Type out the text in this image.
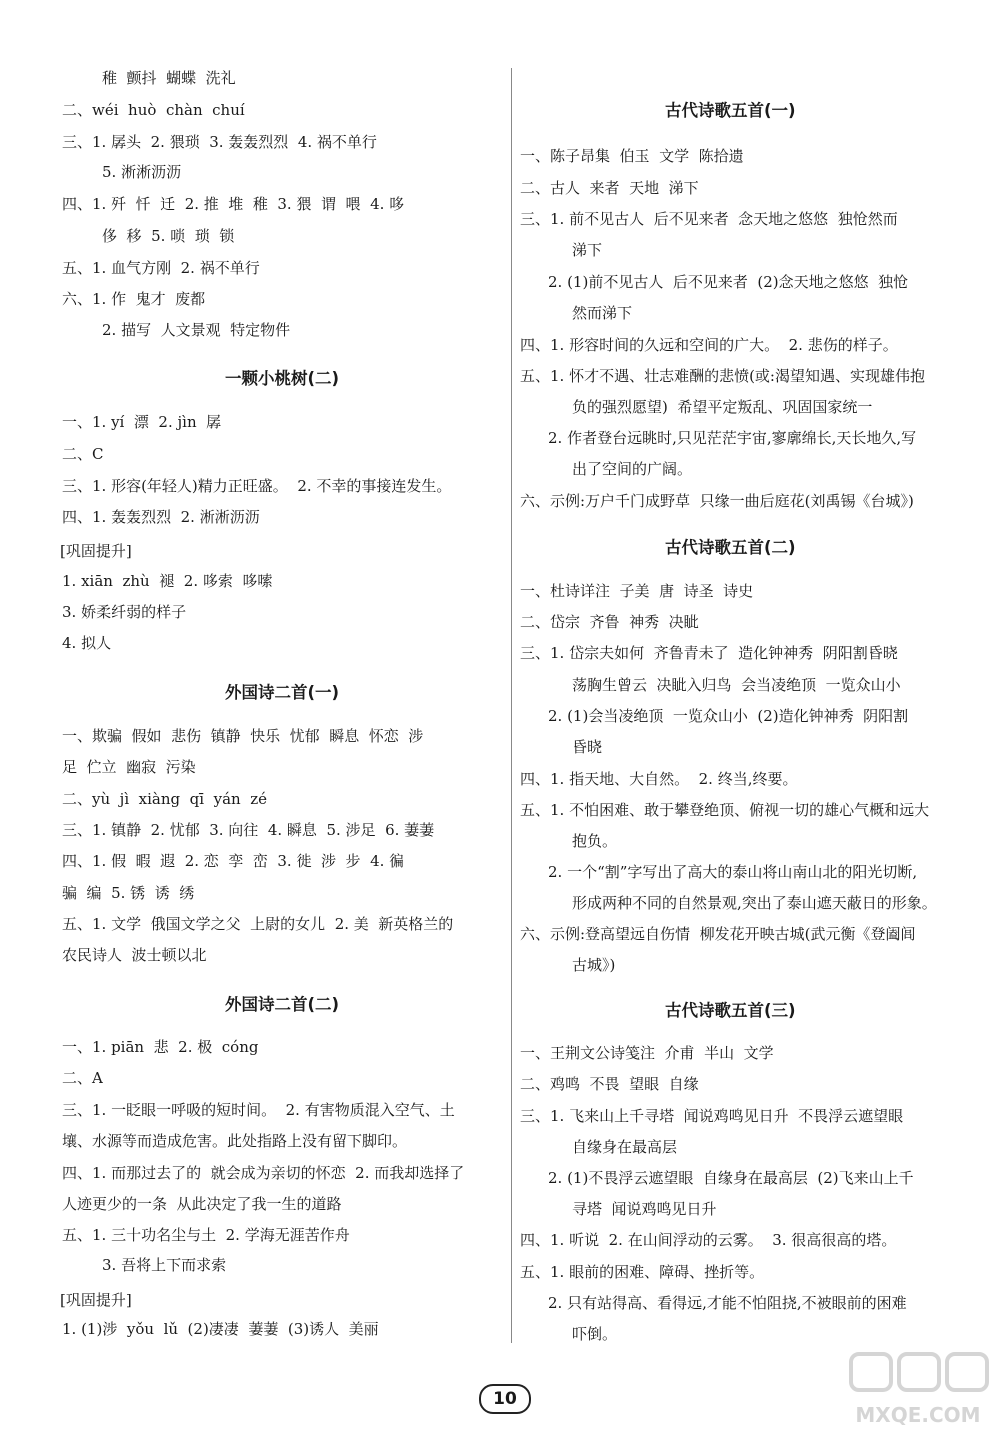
稚  颤抖  蝴蝶  洗礼
二、wéi  huò  chàn  chuí
三、1. 孱头  2. 猥琐  3. 轰轰烈烈  4. 祸不单行
5. 淅淅沥沥
四、1. 歼  忏  迁  2. 推  堆  稚  3. 猥  谓  喂  4. 哆
侈  移  5. 唢  琐  锁
五、1. 血气方刚  2. 祸不单行
六、1. 作  鬼才  废都
2. 描写  人文景观  特定物件
一颗小桃树(二)
一、1. yí  漂  2. jìn  孱
二、C
三、1. 形容(年轻人)精力正旺盛。  2. 不幸的事接连发生。
四、1. 轰轰烈烈  2. 淅淅沥沥
[巩固提升]
1. xiān  zhù  褪  2. 哆索  哆嗦
3. 娇柔纤弱的样子
4. 拟人
外国诗二首(一)
一、欺骗  假如  悲伤  镇静  快乐  忧郁  瞬息  怀恋  涉
足  伫立  幽寂  污染
二、yù  jì  xiàng  qī  yán  zé
三、1. 镇静  2. 忧郁  3. 向往  4. 瞬息  5. 涉足  6. 萋萋
四、1. 假  暇  遐  2. 恋  孪  峦  3. 徙  涉  步  4. 徧
骗  编  5. 锈  诱  绣
五、1. 文学  俄国文学之父  上尉的女儿  2. 美  新英格兰的
农民诗人  波士顿以北
外国诗二首(二)
一、1. piān  悲  2. 极  cóng
二、A
三、1. 一眨眼一呼吸的短时间。  2. 有害物质混入空气、土
壤、水源等而造成危害。此处指路上没有留下脚印。
四、1. 而那过去了的  就会成为亲切的怀恋  2. 而我却选择了
人迹更少的一条  从此决定了我一生的道路
五、1. 三十功名尘与土  2. 学海无涯苦作舟
3. 吾将上下而求索
[巩固提升]
1. (1)涉  yǒu  lǔ  (2)凄凄  萋萋  (3)诱人  美丽
古代诗歌五首(一)
一、陈子昂集  伯玉  文学  陈拾遗
二、古人  来者  天地  涕下
三、1. 前不见古人  后不见来者  念天地之悠悠  独怆然而
涕下
2. (1)前不见古人  后不见来者  (2)念天地之悠悠  独怆
然而涕下
四、1. 形容时间的久远和空间的广大。  2. 悲伤的样子。
五、1. 怀才不遇、壮志难酬的悲愤(或:渴望知遇、实现雄伟抱
负的强烈愿望)  希望平定叛乱、巩固国家统一
2. 作者登台远眺时,只见茫茫宇宙,寥廓绵长,天长地久,写
出了空间的广阔。
六、示例:万户千门成野草  只缘一曲后庭花(刘禹锡《台城》)
古代诗歌五首(二)
一、杜诗详注  子美  唐  诗圣  诗史
二、岱宗  齐鲁  神秀  决眦
三、1. 岱宗夫如何  齐鲁青未了  造化钟神秀  阴阳割昏晓
荡胸生曾云  决眦入归鸟  会当凌绝顶  一览众山小
2. (1)会当凌绝顶  一览众山小  (2)造化钟神秀  阴阳割
昏晓
四、1. 指天地、大自然。  2. 终当,终要。
五、1. 不怕困难、敢于攀登绝顶、俯视一切的雄心气概和远大
抱负。
2. 一个“割”字写出了高大的泰山将山南山北的阳光切断,
形成两种不同的自然景观,突出了泰山遮天蔽日的形象。
六、示例:登高望远自伤情  柳发花开映古城(武元衡《登阖闾
古城》)
古代诗歌五首(三)
一、王荆文公诗笺注  介甫  半山  文学
二、鸡鸣  不畏  望眼  自缘
三、1. 飞来山上千寻塔  闻说鸡鸣见日升  不畏浮云遮望眼
自缘身在最高层
2. (1)不畏浮云遮望眼  自缘身在最高层  (2)飞来山上千
寻塔  闻说鸡鸣见日升
四、1. 听说  2. 在山间浮动的云雾。  3. 很高很高的塔。
五、1. 眼前的困难、障碍、挫折等。
2. 只有站得高、看得远,才能不怕阻挠,不被眼前的困难
吓倒。
10
MXQE.COM
